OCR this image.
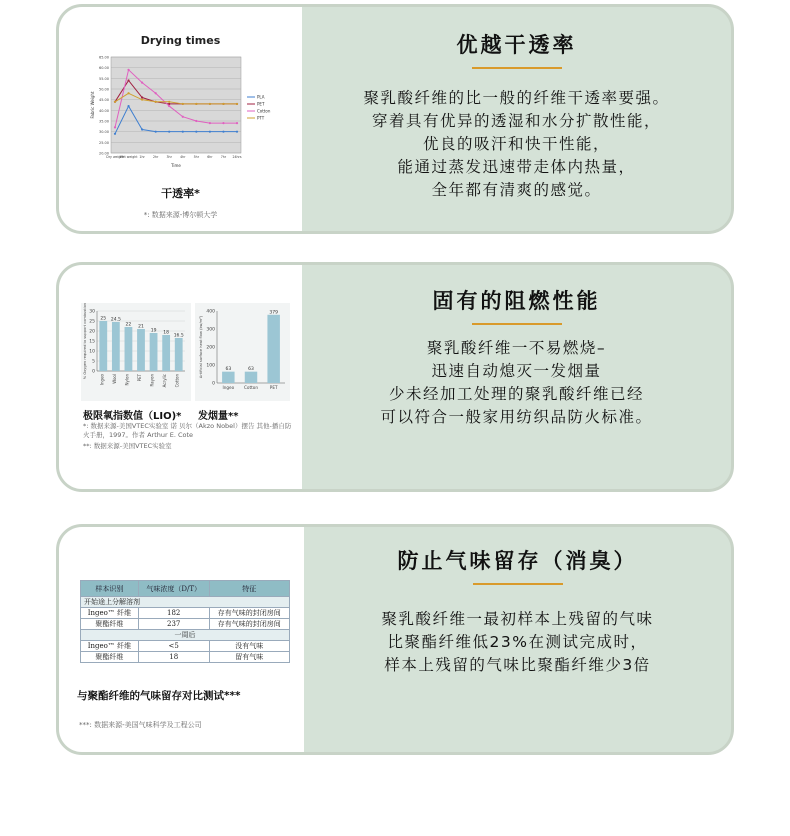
Drying times
20.00
25.00
30.00
35.00
40.00
45.00
50.00
55.00
60.00
65.00
Dry weight
Wet weight 1hr	2hr	3hr	4hr	5hr	6hr	7hr 24hrs
Time
Fabric Weight	PLA
PET
Cotton
PTT
干透率*
*: 数据来源-博尔顿大学
优越干透率
聚乳酸纤维的比一般的纤维干透率要强。
穿着具有优异的透湿和水分扩散性能，
优良的吸汗和快干性能，
能通过蒸发迅速带走体内热量，
全年都有清爽的感觉。
0
5
10
15
20
25
30
% Oxygen required to support combustion	25
Ingeo
24.5
Wool
22
Nylon
21
PET
19
Rayon
18
Acrylic
16.5
Cotton	0
100
200
300
400
Artificial surface heat flow (kw/m²)	63
Ingeo
63
Cotton
379
PET
极限氧指数值（LIO)* 发烟量**
*: 数据来源-美国VTEC实验室 诺 贝尔（Akzo Nobel）摆告 其他-播自防火手册，1997。作者 Arthur E. Cote
**: 数据来源-美国VTEC实验室
固有的阻燃性能
聚乳酸纤维一不易燃烧–
迅速自动熄灭一发烟量
少未经加工处理的聚乳酸纤维已经
可以符合一般家用纺织品防火标准。
样本识别	气味浓度（D/T）	特征
开始途上分解溶剂		
Ingeo™ 纤维	182	存有气味的封闭房间
聚酯纤维	237	存有气味的封闭房间
一周后		
Ingeo™ 纤维	<5	没有气味
聚酯纤维	18	留有气味
与聚酯纤维的气味留存对比测试***
***: 数据来源-美国气味科学及工程公司
防止气味留存（消臭）
聚乳酸纤维一最初样本上残留的气味
比聚酯纤维低23%在测试完成时，
样本上残留的气味比聚酯纤维少3倍
